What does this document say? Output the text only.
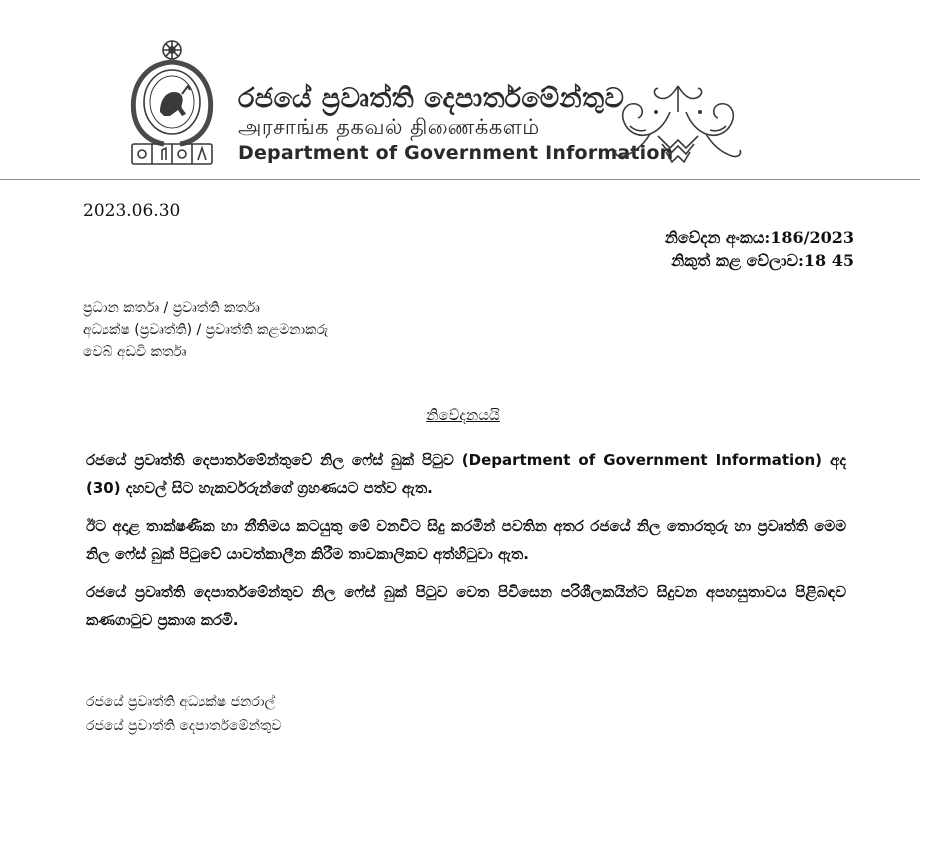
රජයේ ප්‍රවෘත්ති දෙපාර්තමේන්තුව
அரசாங்க தகவல் திணைக்களம்
Department of Government Information
2023.06.30
නිවේදන අංකය:186/2023
නිකුත් කළ වේලාව:18 45
ප්‍රධාන කර්තෘ / ප්‍රවෘත්ති කර්තෘ
අධ්‍යක්ෂ (ප්‍රවෘත්ති) / ප්‍රවෘත්ති කළමනාකරු
වෙබ් අඩවි කර්තෘ
නිවේදනයයි

රජයේ ප්‍රවෘත්ති දෙපාර්තමේන්තුවේ නිල ෆේස් බුක් පිටුව (Department of Government Information) අද (30) දහවල් සිට හැකර්වරුන්ගේ ග්‍රහණයට පත්ව ඇත.

ඊට අදාළ තාක්ෂණික හා නීතිමය කටයුතු මේ වනවිට සිදු කරමින් පවතින අතර රජයේ නිල තොරතුරු හා ප්‍රවෘත්ති මෙම නිල ෆේස් බුක් පිටුවේ යාවත්කාලීන කිරීම තාවකාලිකව අත්හිටුවා ඇත.

රජයේ ප්‍රවෘත්ති දෙපාර්තමේන්තුව නිල ෆේස් බුක් පිටුව වෙත පිවිසෙන පරිශීලකයින්ට සිදුවන අපහසුතාවය පිළිබඳව කණගාටුව ප්‍රකාශ කරමි.

රජයේ ප්‍රවෘත්ති අධ්‍යක්ෂ ජනරාල්
රජයේ ප්‍රවාත්ති දෙපාර්තමේන්තුව
